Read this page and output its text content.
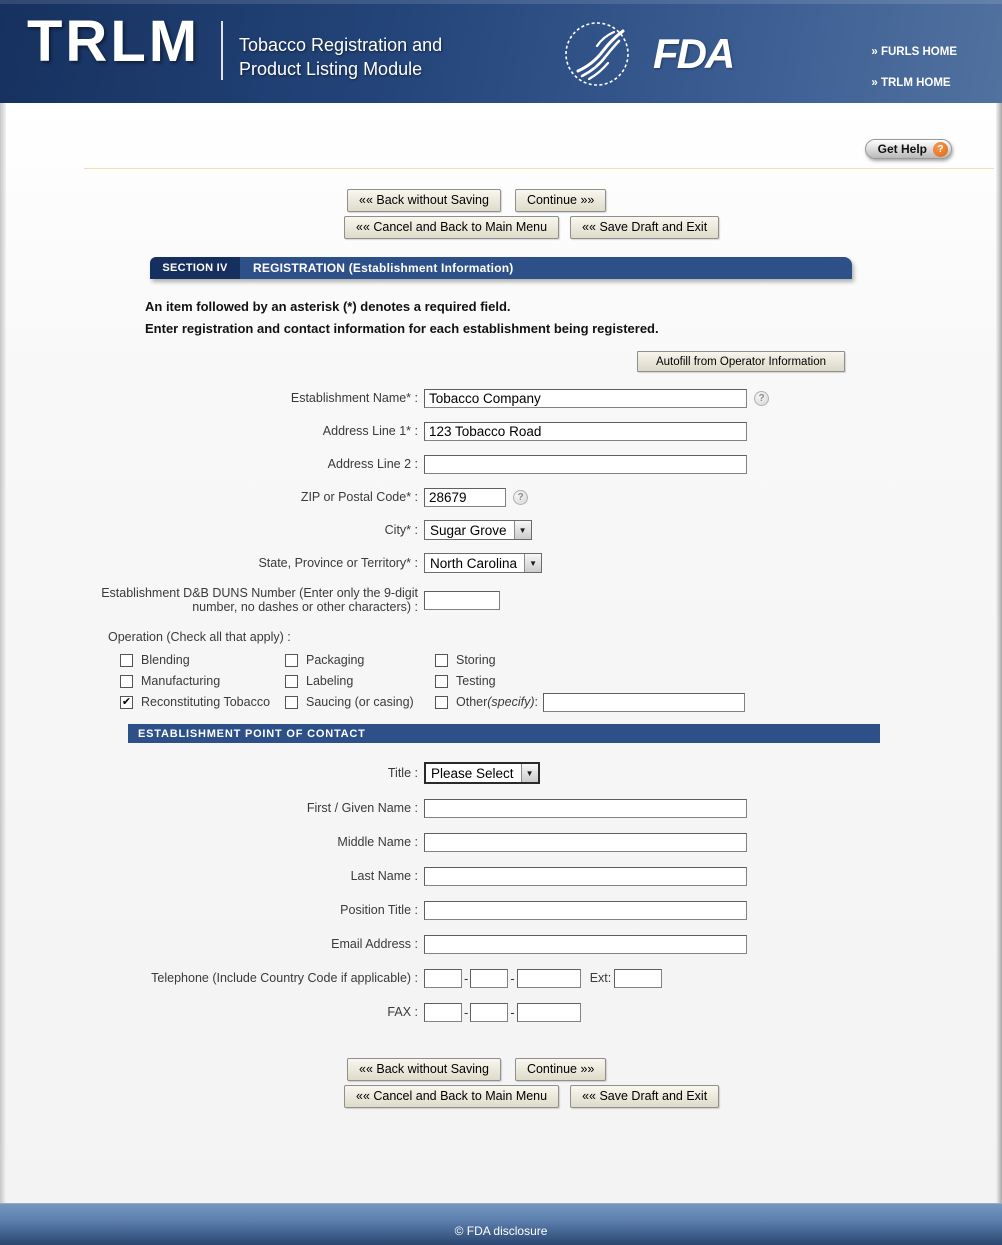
TRLM Tobacco Registration and
Product Listing Module	FDA	» FURLS HOME
» TRLM HOME
Get Help	?
«« Back without Saving	Continue »»
«« Cancel and Back to Main Menu	«« Save Draft and Exit
SECTION IV	REGISTRATION (Establishment Information)
An item followed by an asterisk (*) denotes a required field.
Enter registration and contact information for each establishment being registered.
Autofill from Operator Information
Establishment Name* :
Tobacco Company	?
Address Line 1* :
123 Tobacco Road
Address Line 2 :
ZIP or Postal Code* :
28679	?
City* : Sugar Grove	▼
State, Province or Territory* : North Carolina	▼
Establishment D&B DUNS Number (Enter only the 9-digit
number, no dashes or other characters) :
Operation (Check all that apply) :
Blending	Packaging	Storing
Manufacturing	Labeling	Testing
✔ Reconstituting Tobacco	Saucing (or casing)	Other (specify) :
ESTABLISHMENT POINT OF CONTACT
Title : Please Select	▼
First / Given Name :
Middle Name :
Last Name :
Position Title :
Email Address :
Telephone (Include Country Code if applicable) :	-	-	Ext:
FAX :	-	-
«« Back without Saving	Continue »»
«« Cancel and Back to Main Menu	«« Save Draft and Exit
© FDA disclosure
